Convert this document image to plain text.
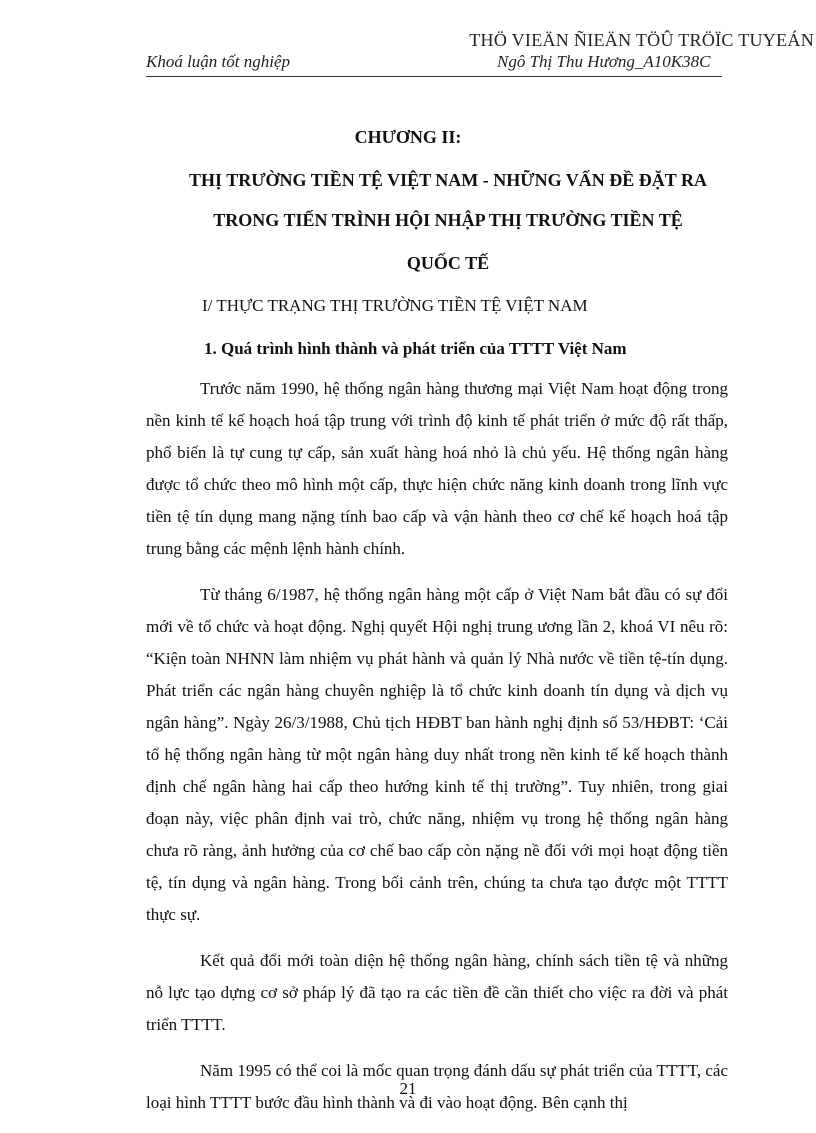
THÖ VIEÄN ÑIEÄN TÖÛ TRÖÏC TUYEÁN
Khoá luận tốt nghiệp	Ngô Thị Thu Hương_A10K38C
CHƯƠNG II:
THỊ TRƯỜNG TIỀN TỆ VIỆT NAM - NHỮNG VẤN ĐỀ ĐẶT RA
TRONG TIẾN TRÌNH HỘI NHẬP THỊ TRƯỜNG TIỀN TỆ
QUỐC TẾ
I/ THỰC TRẠNG THỊ TRƯỜNG TIỀN TỆ VIỆT NAM
1. Quá trình hình thành và phát triển của TTTT Việt Nam

Trước năm 1990, hệ thống ngân hàng thương mại Việt Nam hoạt động trong nền kinh tế kế hoạch hoá tập trung với trình độ kinh tế phát triển ở mức độ rất thấp, phổ biến là tự cung tự cấp, sản xuất hàng hoá nhỏ là chủ yếu. Hệ thống ngân hàng được tổ chức theo mô hình một cấp, thực hiện chức năng kinh doanh trong lĩnh vực tiền tệ tín dụng mang nặng tính bao cấp và vận hành theo cơ chế kế hoạch hoá tập trung bằng các mệnh lệnh hành chính.

Từ tháng 6/1987, hệ thống ngân hàng một cấp ở Việt Nam bắt đầu có sự đổi mới về tổ chức và hoạt động. Nghị quyết Hội nghị trung ương lần 2, khoá VI nêu rõ: “Kiện toàn NHNN làm nhiệm vụ phát hành và quản lý Nhà nước về tiền tệ-tín dụng. Phát triển các ngân hàng chuyên nghiệp là tổ chức kinh doanh tín dụng và dịch vụ ngân hàng”. Ngày 26/3/1988, Chủ tịch HĐBT ban hành nghị định số 53/HĐBT: ‘Cải tổ hệ thống ngân hàng từ một ngân hàng duy nhất trong nền kinh tế kế hoạch thành định chế ngân hàng hai cấp theo hướng kinh tế thị trường”. Tuy nhiên, trong giai đoạn này, việc phân định vai trò, chức năng, nhiệm vụ trong hệ thống ngân hàng chưa rõ ràng, ảnh hưởng của cơ chế bao cấp còn nặng nề đối với mọi hoạt động tiền tệ, tín dụng và ngân hàng. Trong bối cảnh trên, chúng ta chưa tạo được một TTTT thực sự.

Kết quả đổi mới toàn diện hệ thống ngân hàng, chính sách tiền tệ và những nỗ lực tạo dựng cơ sở pháp lý đã tạo ra các tiền đề cần thiết cho việc ra đời và phát triển TTTT.

Năm 1995 có thể coi là mốc quan trọng đánh dấu sự phát triển của TTTT, các loại hình TTTT bước đầu hình thành và đi vào hoạt động. Bên cạnh thị

21
